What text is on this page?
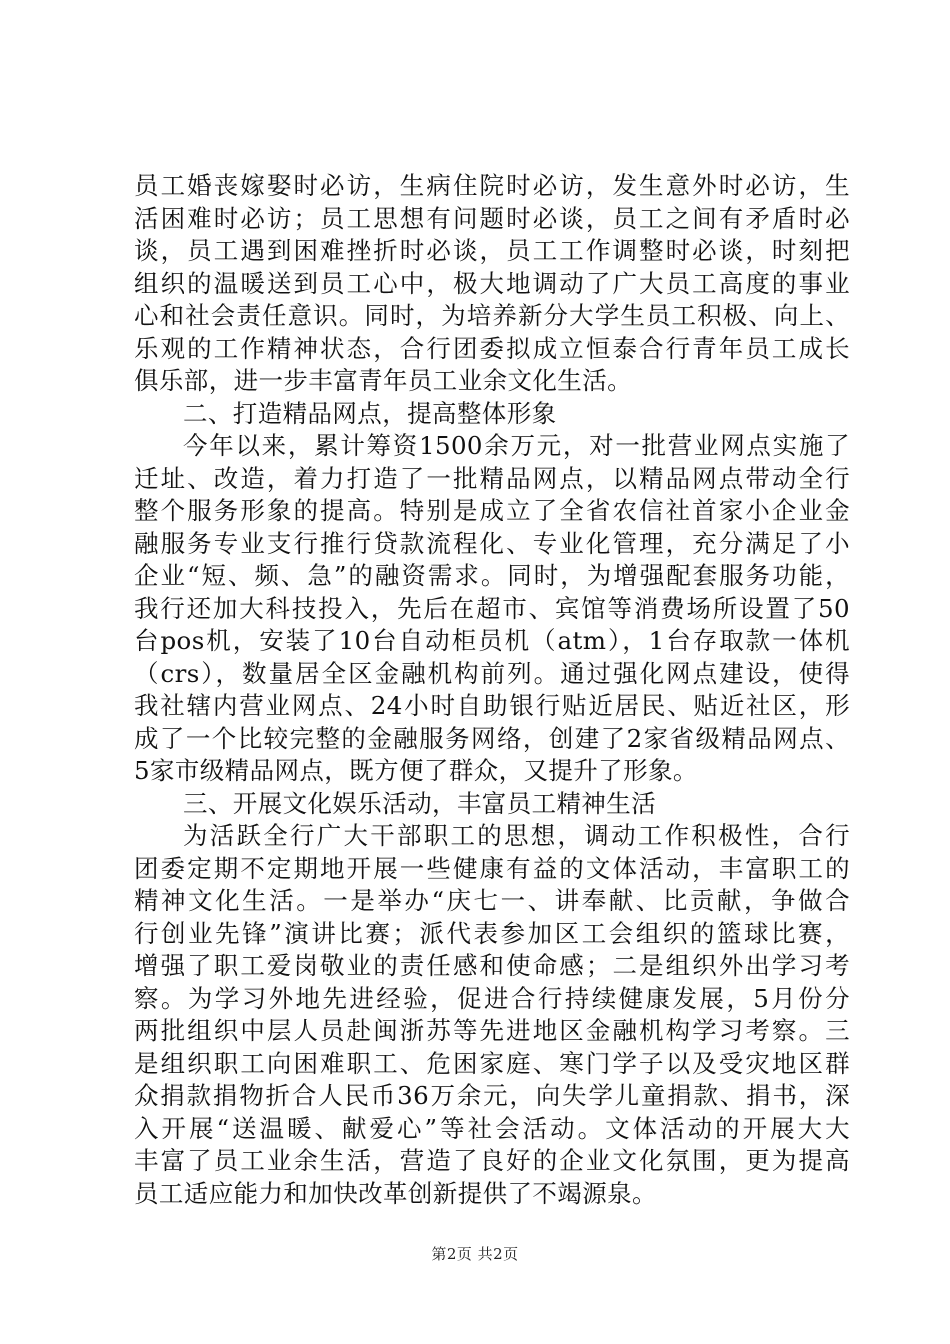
员工婚丧嫁娶时必访，生病住院时必访，发生意外时必访，生
活困难时必访；员工思想有问题时必谈，员工之间有矛盾时必
谈，员工遇到困难挫折时必谈，员工工作调整时必谈，时刻把
组织的温暖送到员工心中，极大地调动了广大员工高度的事业
心和社会责任意识。同时，为培养新分大学生员工积极、向上、
乐观的工作精神状态，合行团委拟成立恒泰合行青年员工成长
俱乐部，进一步丰富青年员工业余文化生活。
二、打造精品网点，提高整体形象
今年以来，累计筹资1500余万元，对一批营业网点实施了
迁址、改造，着力打造了一批精品网点，以精品网点带动全行
整个服务形象的提高。特别是成立了全省农信社首家小企业金
融服务专业支行推行贷款流程化、专业化管理，充分满足了小
企业“短、频、急”的融资需求。同时，为增强配套服务功能，
我行还加大科技投入，先后在超市、宾馆等消费场所设置了50
台pos机，安装了10台自动柜员机（atm），1台存取款一体机
（crs），数量居全区金融机构前列。通过强化网点建设，使得
我社辖内营业网点、24小时自助银行贴近居民、贴近社区，形
成了一个比较完整的金融服务网络，创建了2家省级精品网点、
5家市级精品网点，既方便了群众，又提升了形象。
三、开展文化娱乐活动，丰富员工精神生活
为活跃全行广大干部职工的思想，调动工作积极性，合行
团委定期不定期地开展一些健康有益的文体活动，丰富职工的
精神文化生活。一是举办“庆七一、讲奉献、比贡献，争做合
行创业先锋”演讲比赛；派代表参加区工会组织的篮球比赛，
增强了职工爱岗敬业的责任感和使命感；二是组织外出学习考
察。为学习外地先进经验，促进合行持续健康发展，5月份分
两批组织中层人员赴闽浙苏等先进地区金融机构学习考察。三
是组织职工向困难职工、危困家庭、寒门学子以及受灾地区群
众捐款捐物折合人民币36万余元，向失学儿童捐款、捐书，深
入开展“送温暖、献爱心”等社会活动。文体活动的开展大大
丰富了员工业余生活，营造了良好的企业文化氛围，更为提高
员工适应能力和加快改革创新提供了不竭源泉。
第2页 共2页
